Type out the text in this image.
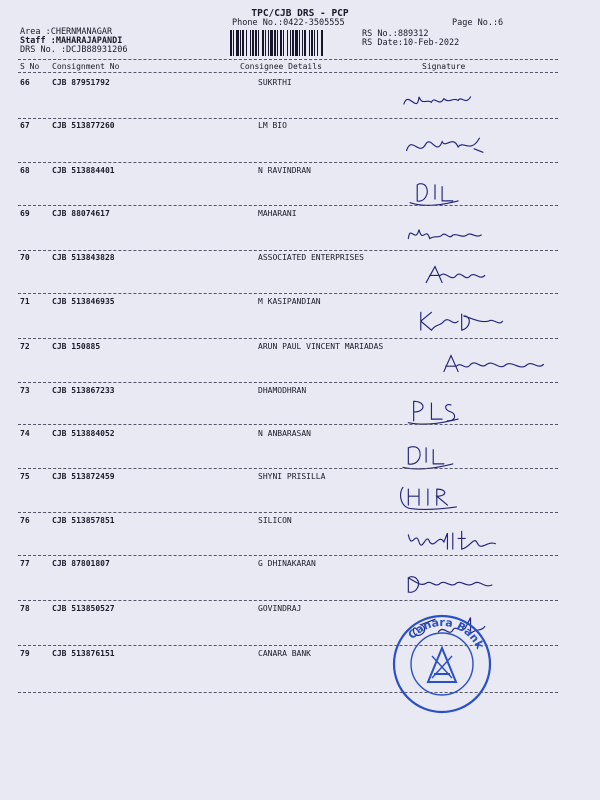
TPC/CJB DRS - PCP
Phone No.:0422-3505555	Page No.:6
Area :CHERNMANAGAR
Staff :MAHARAJAPANDI
DRS No. :DCJB88931206
RS No.:889312
RS Date:10-Feb-2022
S No Consignment No	Consignee Details	Signature
66	CJB 87951792	SUKRTHI
67	CJB 513877260	LM BIO
68	CJB 513884401	N RAVINDRAN
69	CJB 88074617	MAHARANI
70	CJB 513843828	ASSOCIATED ENTERPRISES
71	CJB 513846935	M KASIPANDIAN
72	CJB 150885	ARUN PAUL VINCENT MARIADAS
73	CJB 513867233	DHAMODHRAN
74	CJB 513884052	N ANBARASAN
75	CJB 513872459	SHYNI PRISILLA
76	CJB 513857851	SILICON
77	CJB 87801807	G DHINAKARAN
78	CJB 513850527	GOVINDRAJ
79	CJB 513876151	CANARA BANK
Canara Bank
